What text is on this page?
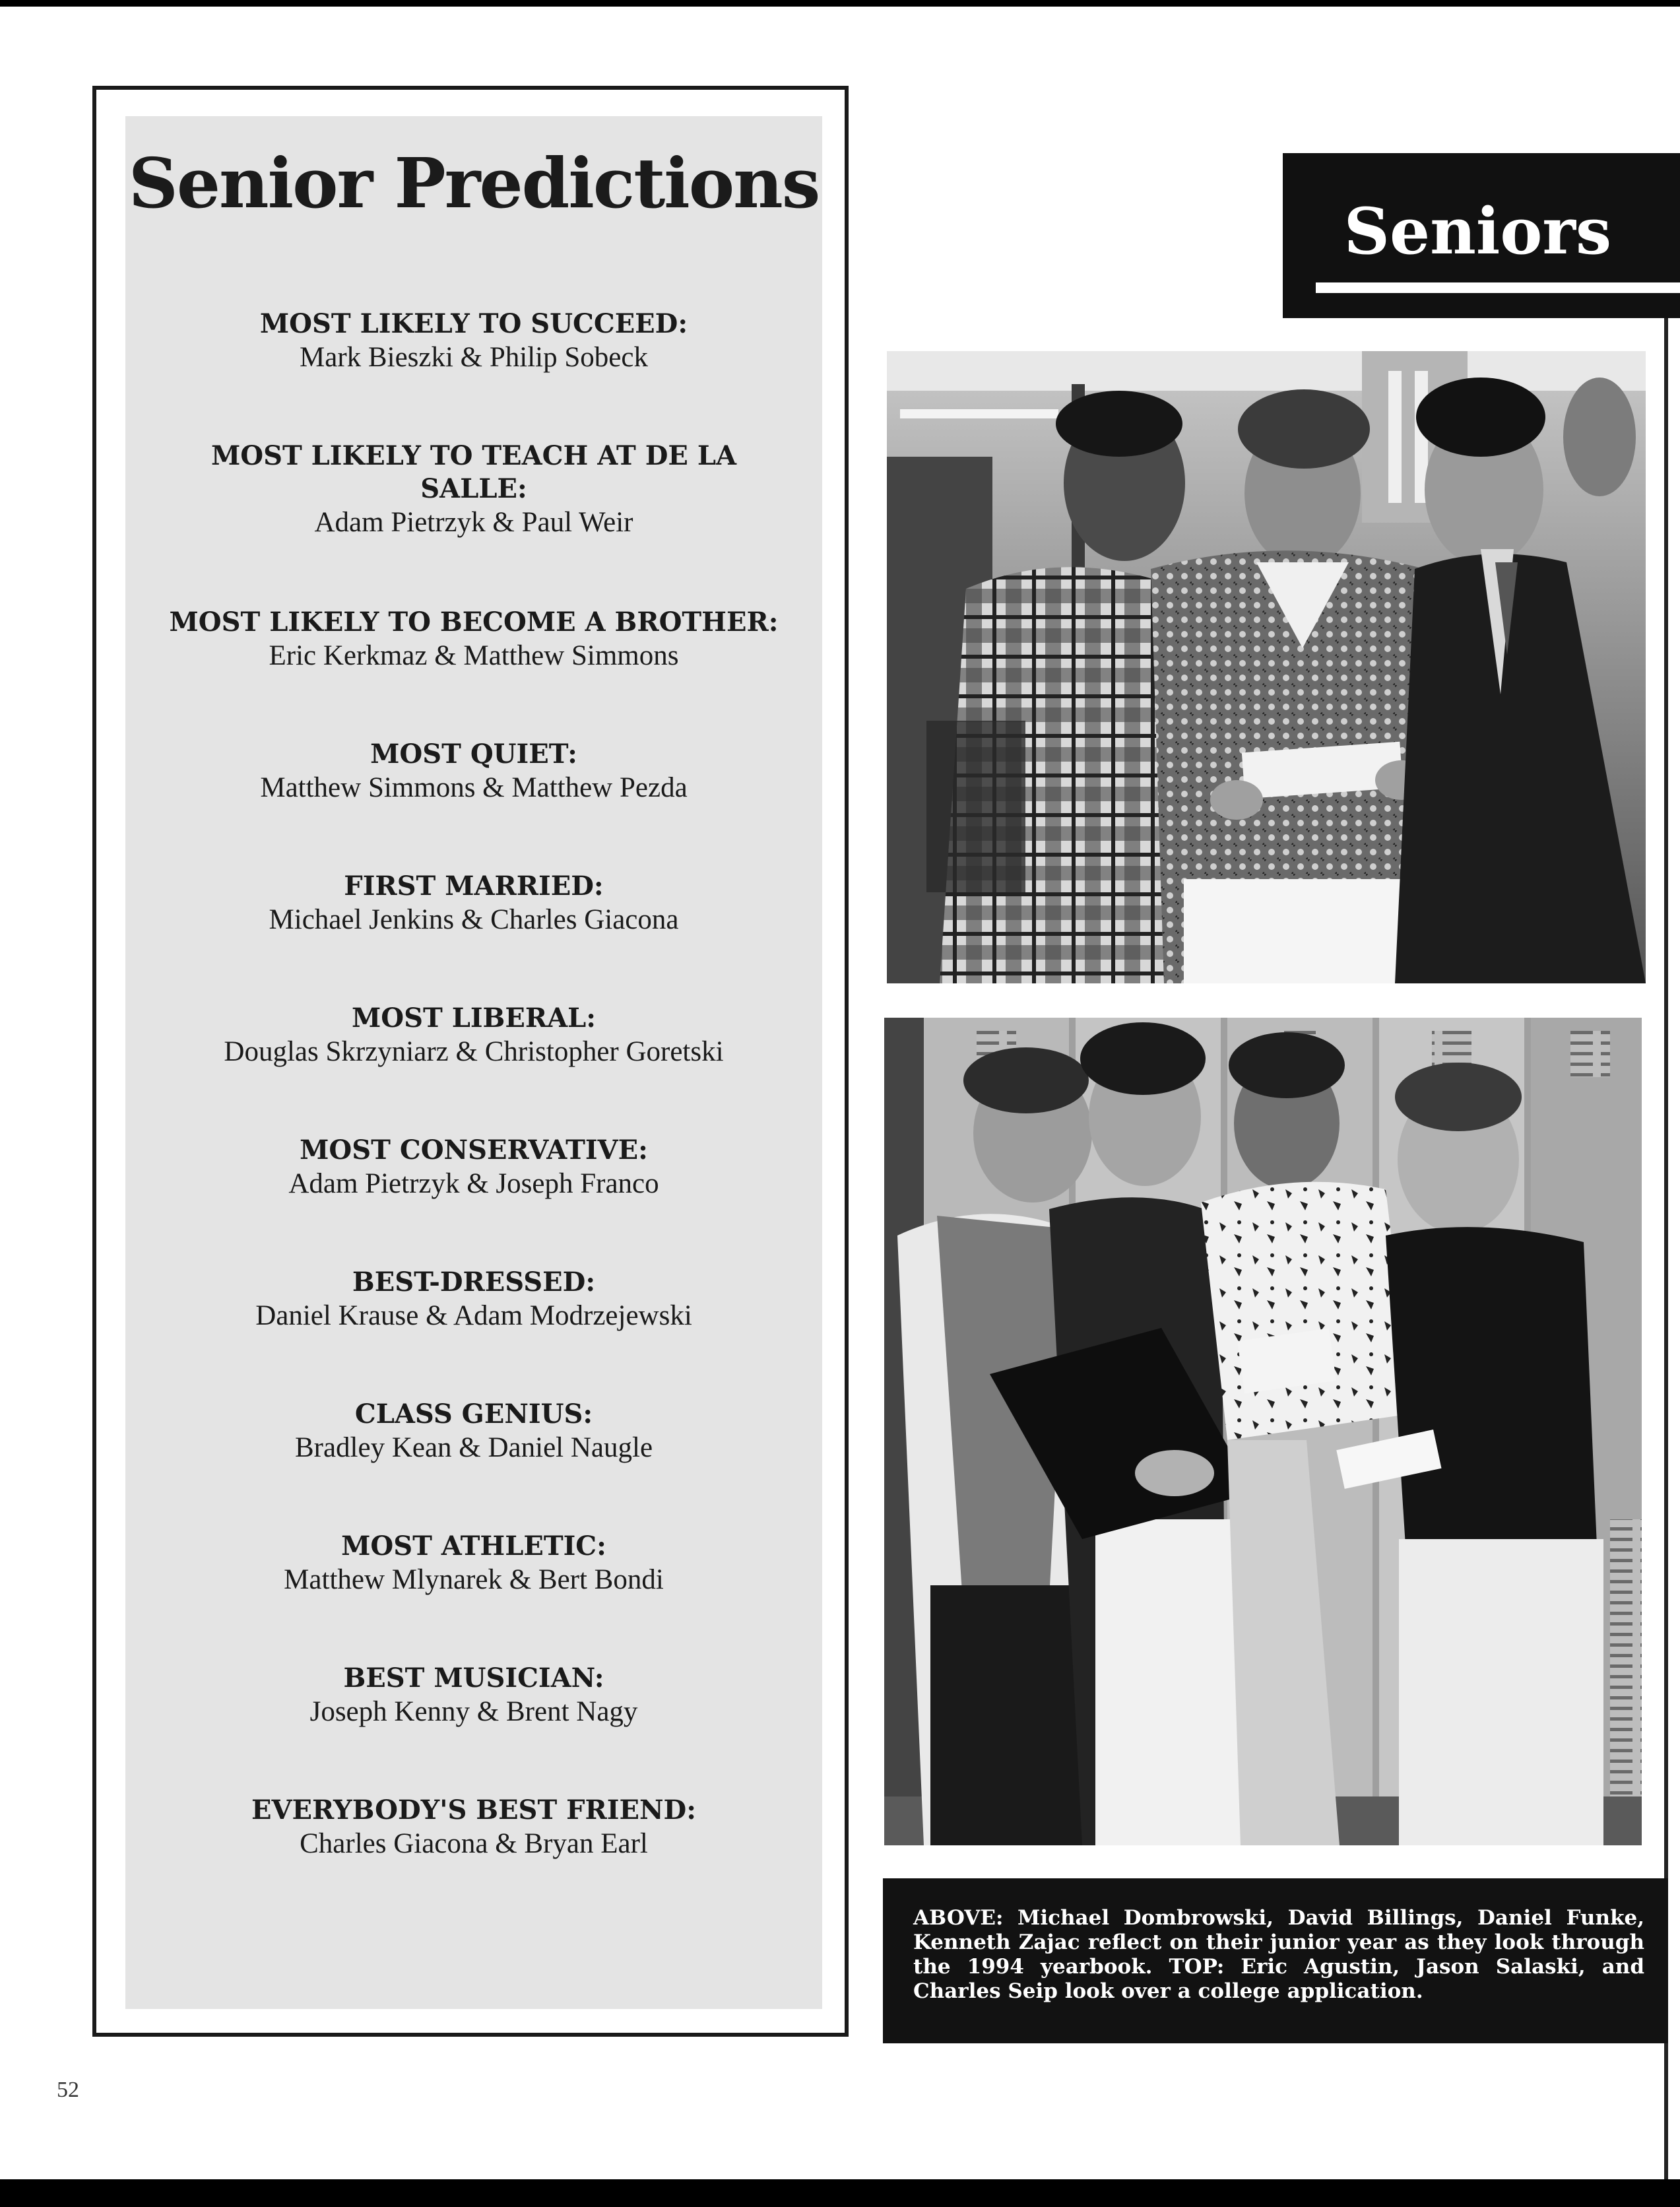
Senior Predictions
MOST LIKELY TO SUCCEED:
Mark Bieszki & Philip Sobeck
MOST LIKELY TO TEACH AT DE LA SALLE:
Adam Pietrzyk & Paul Weir
MOST LIKELY TO BECOME A BROTHER:
Eric Kerkmaz & Matthew Simmons
MOST QUIET:
Matthew Simmons & Matthew Pezda
FIRST MARRIED:
Michael Jenkins & Charles Giacona
MOST LIBERAL:
Douglas Skrzyniarz & Christopher Goretski
MOST CONSERVATIVE:
Adam Pietrzyk & Joseph Franco
BEST-DRESSED:
Daniel Krause & Adam Modrzejewski
CLASS GENIUS:
Bradley Kean & Daniel Naugle
MOST ATHLETIC:
Matthew Mlynarek & Bert Bondi
BEST MUSICIAN:
Joseph Kenny & Brent Nagy
EVERYBODY'S BEST FRIEND:
Charles Giacona & Bryan Earl
Seniors

ABOVE: Michael Dombrowski, David Billings, Daniel Funke, Kenneth Zajac reflect on their junior year as they look through the 1994 yearbook. TOP: Eric Agustin, Jason Salaski, and Charles Seip look over a college application.

52
